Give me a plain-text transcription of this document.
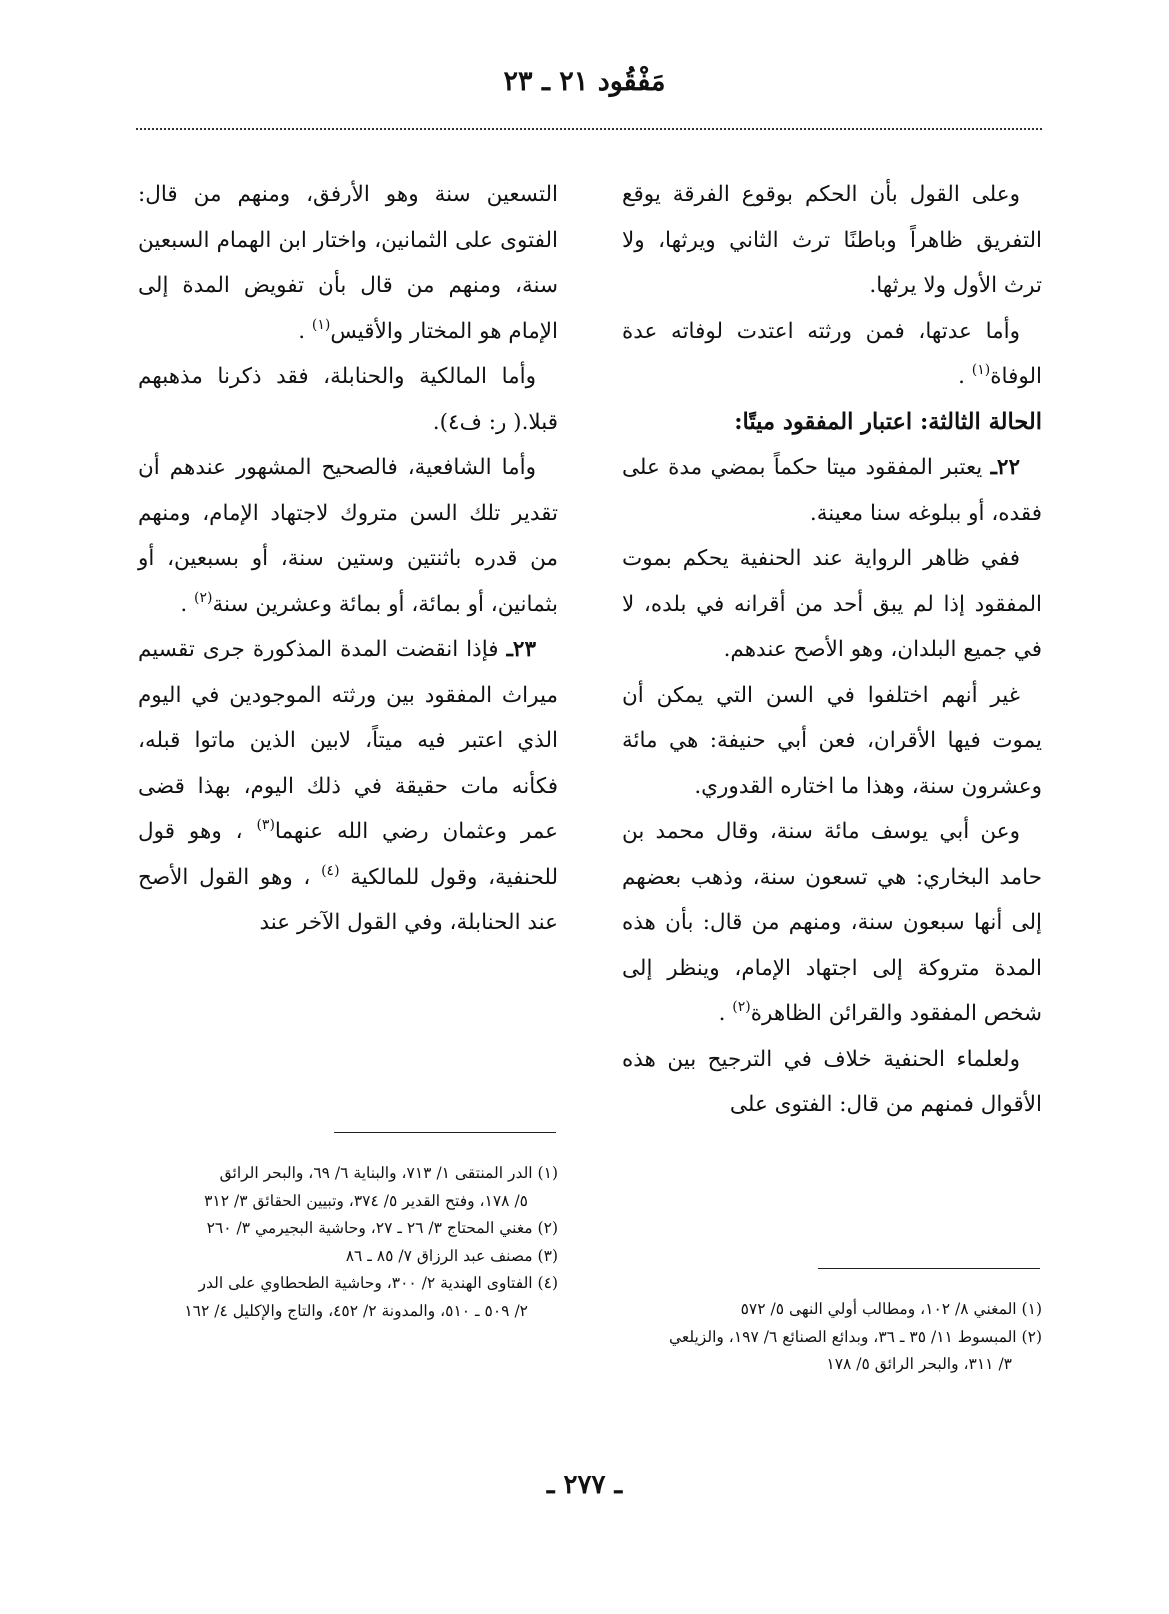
مَفْقُود ٢١ ـ ٢٣

وعلى القول بأن الحكم بوقوع الفرقة يوقع التفريق ظاهراً وباطنًا ترث الثاني ويرثها، ولا ترث الأول ولا يرثها.

وأما عدتها، فمن ورثته اعتدت لوفاته عدة الوفاة$^{(١)}$ .

الحالة الثالثة: اعتبار المفقود ميتًا:

٢٢ـ يعتبر المفقود ميتا حكماً بمضي مدة على فقده، أو ببلوغه سنا معينة.

ففي ظاهر الرواية عند الحنفية يحكم بموت المفقود إذا لم يبق أحد من أقرانه في بلده، لا في جميع البلدان، وهو الأصح عندهم.

غير أنهم اختلفوا في السن التي يمكن أن يموت فيها الأقران، فعن أبي حنيفة: هي مائة وعشرون سنة، وهذا ما اختاره القدوري.

وعن أبي يوسف مائة سنة، وقال محمد بن حامد البخاري: هي تسعون سنة، وذهب بعضهم إلى أنها سبعون سنة، ومنهم من قال: بأن هذه المدة متروكة إلى اجتهاد الإمام، وينظر إلى شخص المفقود والقرائن الظاهرة$^{(٢)}$ .

ولعلماء الحنفية خلاف في الترجيح بين هذه الأقوال فمنهم من قال: الفتوى على

التسعين سنة وهو الأرفق، ومنهم من قال: الفتوى على الثمانين، واختار ابن الهمام السبعين سنة، ومنهم من قال بأن تفويض المدة إلى الإمام هو المختار والأقيس$^{(١)}$ .

وأما المالكية والحنابلة، فقد ذكرنا مذهبهم قبلا.( ر: ف٤).

وأما الشافعية، فالصحيح المشهور عندهم أن تقدير تلك السن متروك لاجتهاد الإمام، ومنهم من قدره باثنتين وستين سنة، أو بسبعين، أو بثمانين، أو بمائة، أو بمائة وعشرين سنة$^{(٢)}$ .

٢٣ـ فإذا انقضت المدة المذكورة جرى تقسيم ميراث المفقود بين ورثته الموجودين في اليوم الذي اعتبر فيه ميتاً، لابين الذين ماتوا قبله، فكأنه مات حقيقة في ذلك اليوم، بهذا قضى عمر وعثمان رضي الله عنهما$^{(٣)}$ ، وهو قول للحنفية، وقول للمالكية $^{(٤)}$ ، وهو القول الأصح عند الحنابلة، وفي القول الآخر عند

(١) المغني ٨/ ١٠٢، ومطالب أولي النهى ٥/ ٥٧٢

(٢) المبسوط ١١/ ٣٥ ـ ٣٦، وبدائع الصنائع ٦/ ١٩٧، والزيلعي
٣/ ٣١١، والبحر الرائق ٥/ ١٧٨

(١) الدر المنتقى ١/ ٧١٣، والبناية ٦/ ٦٩، والبحر الرائق
٥/ ١٧٨، وفتح القدير ٥/ ٣٧٤، وتبيين الحقائق ٣/ ٣١٢

(٢) مغني المحتاج ٣/ ٢٦ ـ ٢٧، وحاشية البجيرمي ٣/ ٢٦٠

(٣) مصنف عبد الرزاق ٧/ ٨٥ ـ ٨٦

(٤) الفتاوى الهندية ٢/ ٣٠٠، وحاشية الطحطاوي على الدر
٢/ ٥٠٩ ـ ٥١٠، والمدونة ٢/ ٤٥٢، والتاج والإكليل ٤/ ١٦٢

ـ ٢٧٧ ـ
